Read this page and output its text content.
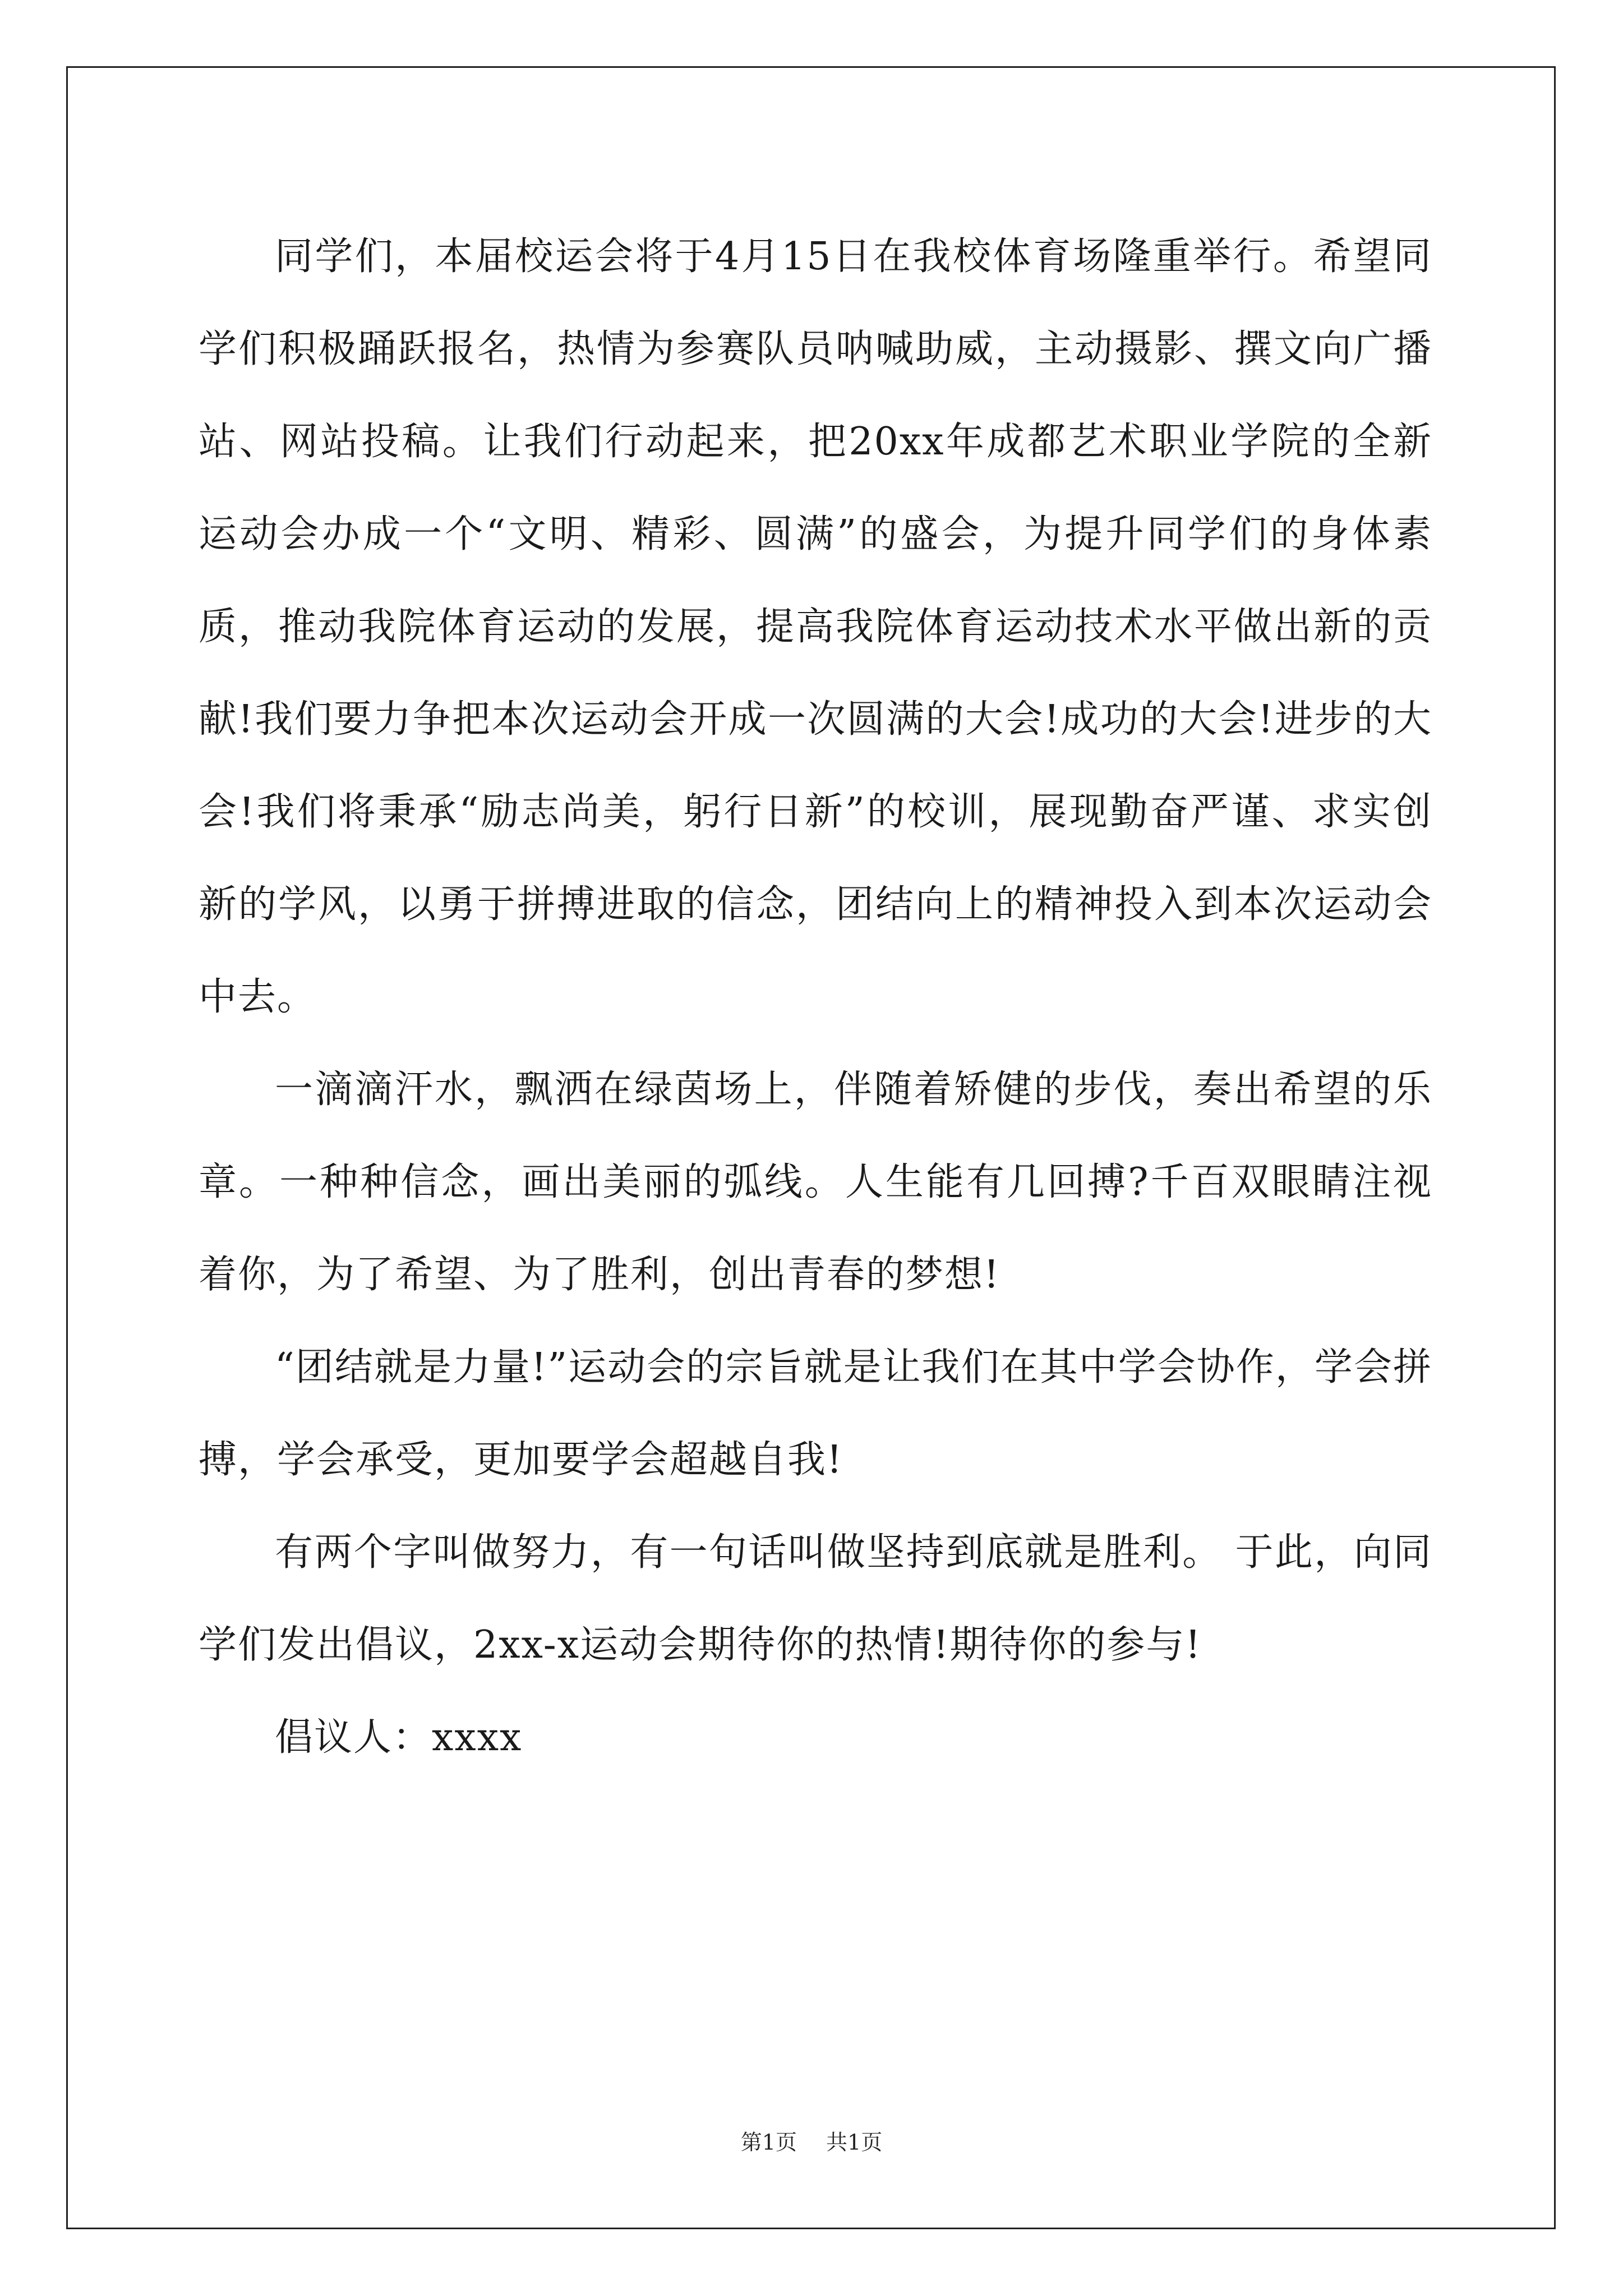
同学们，本届校运会将于4月15日在我校体育场隆重举行。希望同学们积极踊跃报名，热情为参赛队员呐喊助威，主动摄影、撰文向广播站、网站投稿。让我们行动起来，把20xx年成都艺术职业学院的全新运动会办成一个“文明、精彩、圆满”的盛会，为提升同学们的身体素质，推动我院体育运动的发展，提高我院体育运动技术水平做出新的贡献!我们要力争把本次运动会开成一次圆满的大会!成功的大会!进步的大会!我们将秉承“励志尚美，躬行日新”的校训，展现勤奋严谨、求实创新的学风，以勇于拼搏进取的信念，团结向上的精神投入到本次运动会中去。

一滴滴汗水，飘洒在绿茵场上，伴随着矫健的步伐，奏出希望的乐章。一种种信念，画出美丽的弧线。人生能有几回搏?千百双眼睛注视着你，为了希望、为了胜利，创出青春的梦想!

“团结就是力量!”运动会的宗旨就是让我们在其中学会协作，学会拼搏，学会承受，更加要学会超越自我!

有两个字叫做努力，有一句话叫做坚持到底就是胜利。 于此，向同学们发出倡议，2xx-x运动会期待你的热情!期待你的参与!

倡议人：xxxx

第1页 共1页
